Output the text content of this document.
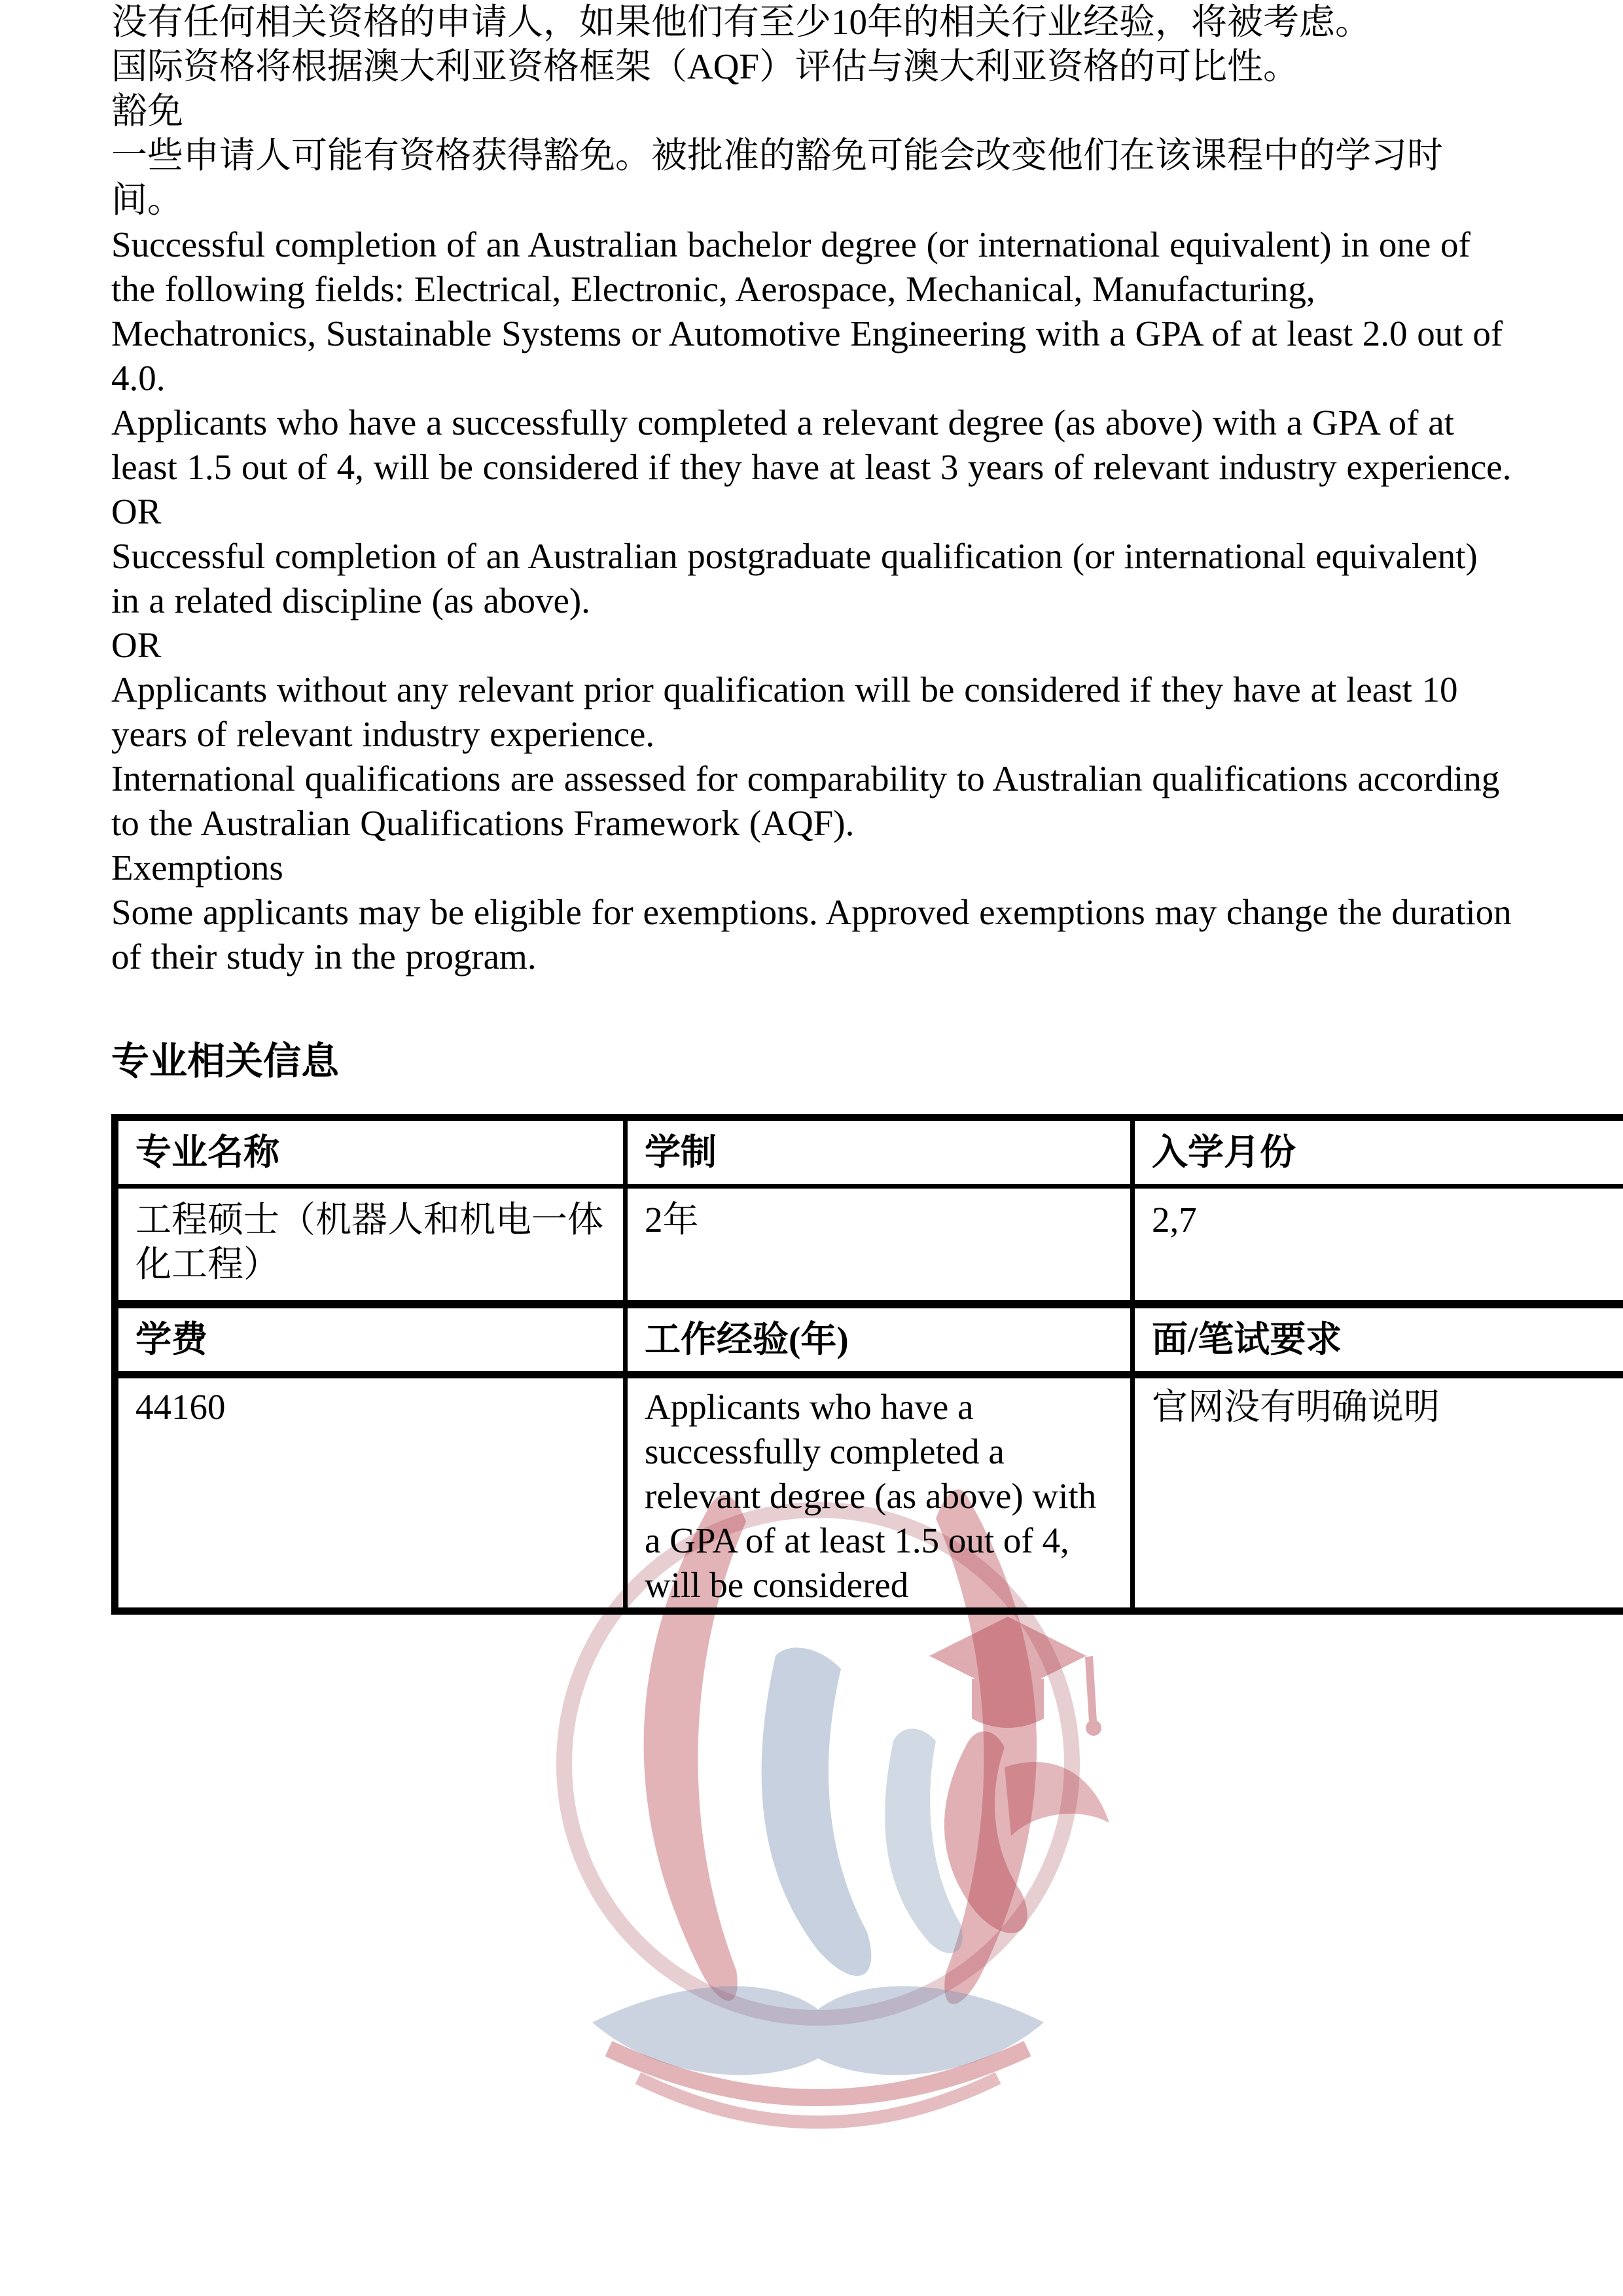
没有任何相关资格的申请人，如果他们有至少10年的相关行业经验，将被考虑。

国际资格将根据澳大利亚资格框架（AQF）评估与澳大利亚资格的可比性。

豁免

一些申请人可能有资格获得豁免。被批准的豁免可能会改变他们在该课程中的学习时间。

Successful completion of an Australian bachelor degree (or international equivalent) in one of the following fields: Electrical, Electronic, Aerospace, Mechanical, Manufacturing, Mechatronics, Sustainable Systems or Automotive Engineering with a GPA of at least 2.0 out of 4.0.

Applicants who have a successfully completed a relevant degree (as above) with a GPA of at least 1.5 out of 4, will be considered if they have at least 3 years of relevant industry experience.

OR

Successful completion of an Australian postgraduate qualification (or international equivalent) in a related discipline (as above).

OR

Applicants without any relevant prior qualification will be considered if they have at least 10 years of relevant industry experience.

International qualifications are assessed for comparability to Australian qualifications according to the Australian Qualifications Framework (AQF).

Exemptions

Some applicants may be eligible for exemptions. Approved exemptions may change the duration of their study in the program.

专业相关信息
专业名称	学制	入学月份
工程硕士（机器人和机电一体化工程）	2年	2,7
学费	工作经验(年)	面/笔试要求
44160	Applicants who have a successfully completed a relevant degree (as above) with a GPA of at least 1.5 out of 4, will be considered	官网没有明确说明
